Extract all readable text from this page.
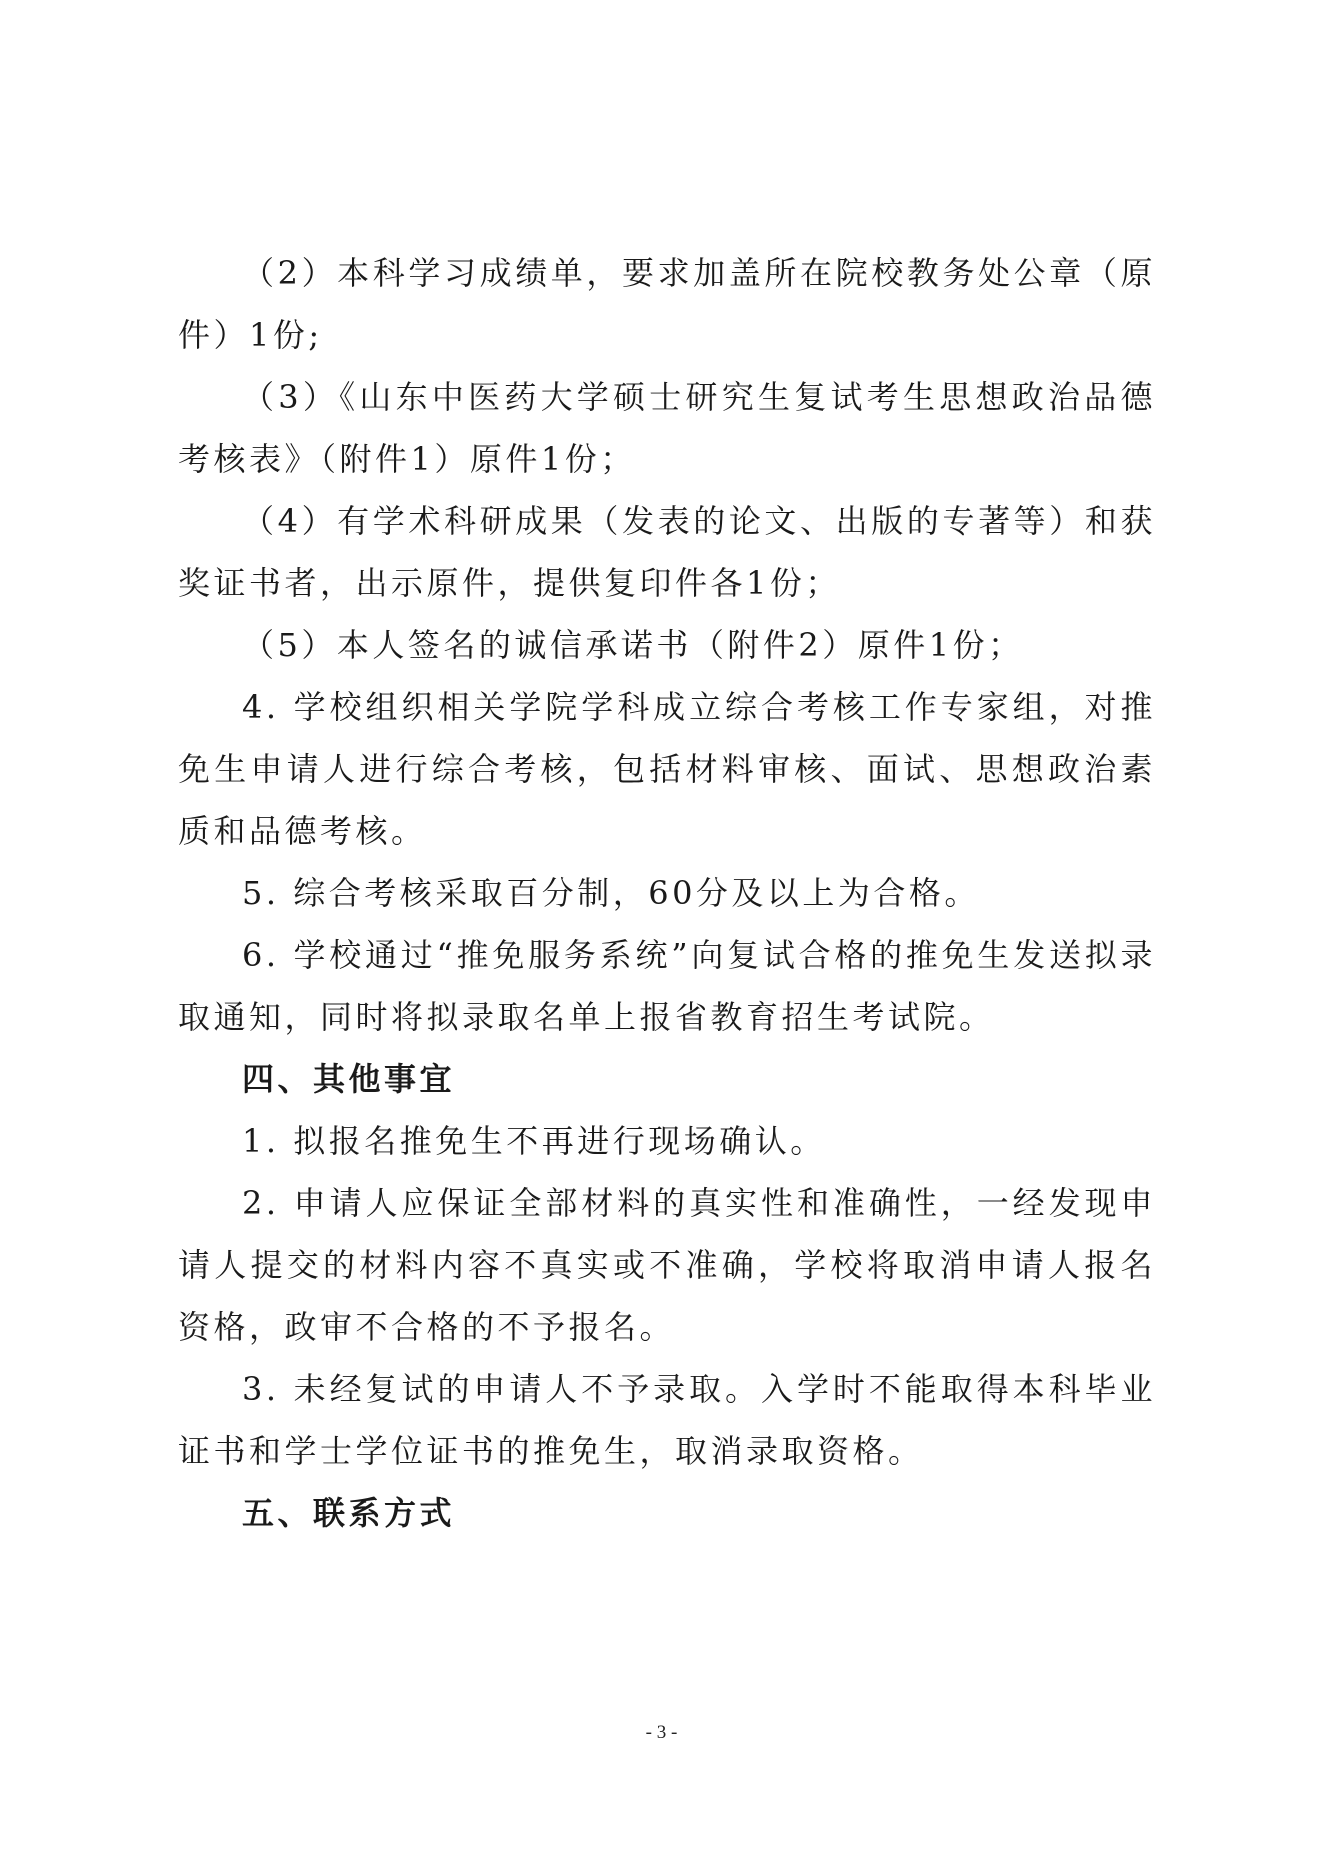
（2）本科学习成绩单，要求加盖所在院校教务处公章（原件）1份;

（3）《山东中医药大学硕士研究生复试考生思想政治品德考核表》（附件1）原件1份；

（4）有学术科研成果（发表的论文、出版的专著等）和获奖证书者，出示原件，提供复印件各1份；

（5）本人签名的诚信承诺书（附件2）原件1份；

4. 学校组织相关学院学科成立综合考核工作专家组，对推免生申请人进行综合考核，包括材料审核、面试、思想政治素质和品德考核。

5. 综合考核采取百分制，60分及以上为合格。

6. 学校通过“推免服务系统”向复试合格的推免生发送拟录取通知，同时将拟录取名单上报省教育招生考试院。

四、其他事宜

1. 拟报名推免生不再进行现场确认。

2. 申请人应保证全部材料的真实性和准确性，一经发现申请人提交的材料内容不真实或不准确，学校将取消申请人报名资格，政审不合格的不予报名。

3. 未经复试的申请人不予录取。入学时不能取得本科毕业证书和学士学位证书的推免生，取消录取资格。

五、联系方式

- 3 -
